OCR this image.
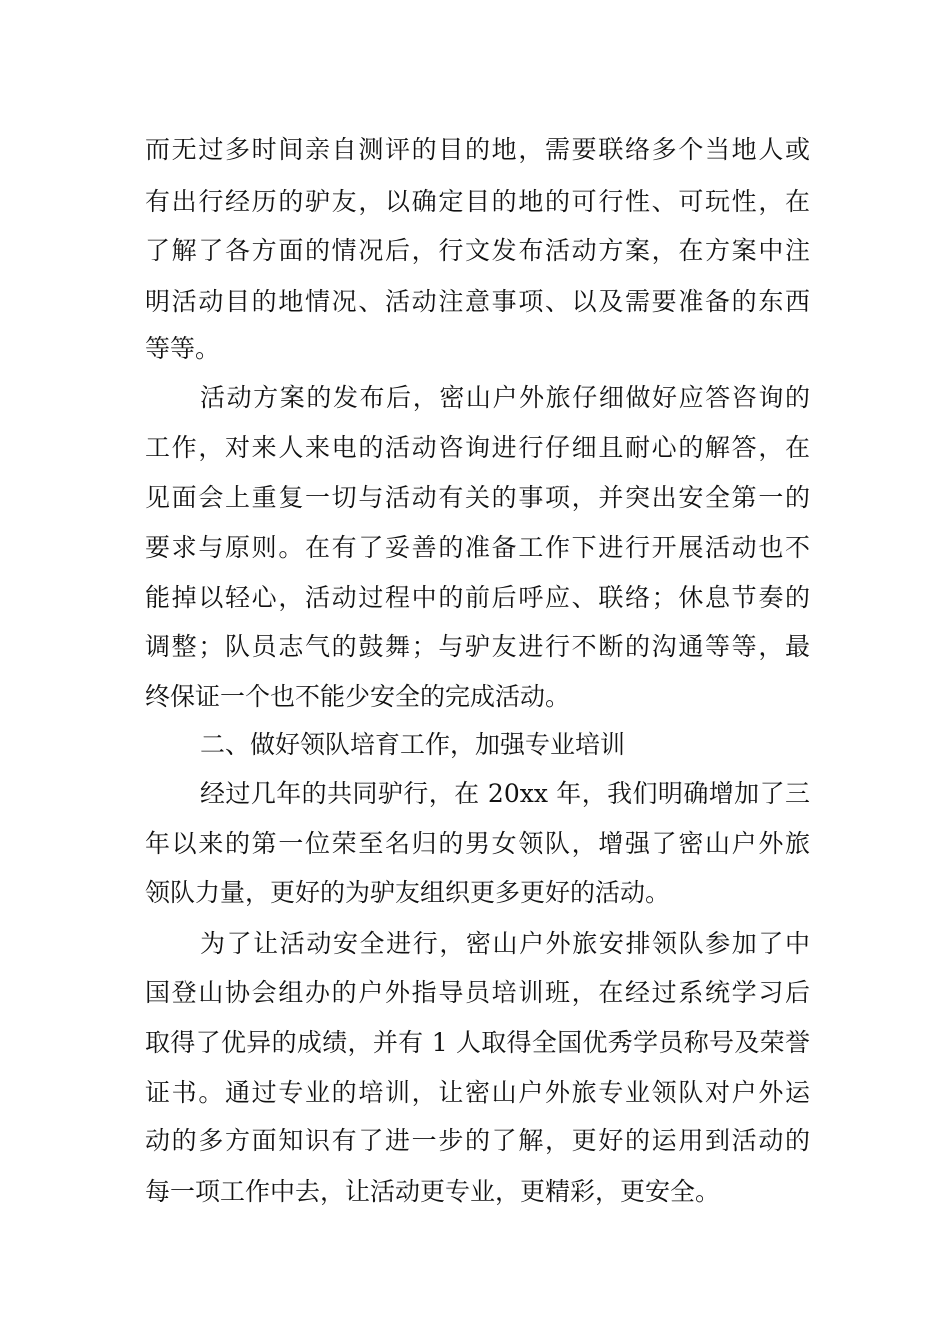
而无过多时间亲自测评的目的地，需要联络多个当地人或
有出行经历的驴友，以确定目的地的可行性、可玩性，在
了解了各方面的情况后，行文发布活动方案，在方案中注
明活动目的地情况、活动注意事项、以及需要准备的东西
等等。
活动方案的发布后，密山户外旅仔细做好应答咨询的
工作，对来人来电的活动咨询进行仔细且耐心的解答，在
见面会上重复一切与活动有关的事项，并突出安全第一的
要求与原则。在有了妥善的准备工作下进行开展活动也不
能掉以轻心，活动过程中的前后呼应、联络；休息节奏的
调整；队员志气的鼓舞；与驴友进行不断的沟通等等，最
终保证一个也不能少安全的完成活动。
二、做好领队培育工作，加强专业培训
经过几年的共同驴行，在 20xx 年，我们明确增加了三
年以来的第一位荣至名归的男女领队，增强了密山户外旅
领队力量，更好的为驴友组织更多更好的活动。
为了让活动安全进行，密山户外旅安排领队参加了中
国登山协会组办的户外指导员培训班，在经过系统学习后
取得了优异的成绩，并有 1 人取得全国优秀学员称号及荣誉
证书。通过专业的培训，让密山户外旅专业领队对户外运
动的多方面知识有了进一步的了解，更好的运用到活动的
每一项工作中去，让活动更专业，更精彩，更安全。
